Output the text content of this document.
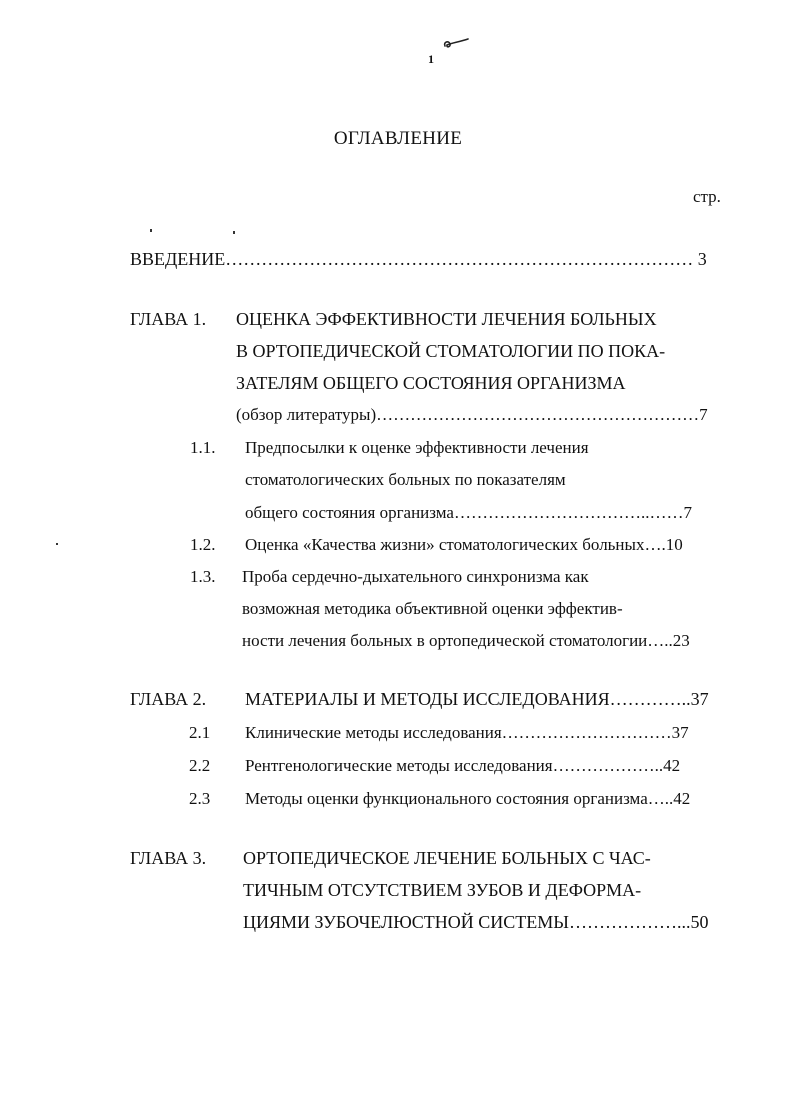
1
ОГЛАВЛЕНИЕ
стр.
ВВЕДЕНИЕ…………………………………………………………………… 3
ГЛАВА 1. ОЦЕНКА ЭФФЕКТИВНОСТИ ЛЕЧЕНИЯ БОЛЬНЫХ
В ОРТОПЕДИЧЕСКОЙ СТОМАТОЛОГИИ ПО ПОКА-
ЗАТЕЛЯМ ОБЩЕГО СОСТОЯНИЯ ОРГАНИЗМА
(обзор литературы)…………………………………………………7
1.1. Предпосылки к оценке эффективности лечения
стоматологических больных по показателям
общего состояния организма……………………………..……7
1.2. Оценка «Качества жизни» стоматологических больных….10
1.3. Проба сердечно-дыхательного синхронизма как
возможная методика объективной оценки эффектив-
ности лечения больных в ортопедической стоматологии…..23
ГЛАВА 2. МАТЕРИАЛЫ И МЕТОДЫ ИССЛЕДОВАНИЯ…………..37
2.1 Клинические методы исследования…………………………37
2.2 Рентгенологические методы исследования………………..42
2.3 Методы оценки функционального состояния организма…..42
ГЛАВА 3. ОРТОПЕДИЧЕСКОЕ ЛЕЧЕНИЕ БОЛЬНЫХ С ЧАС-
ТИЧНЫМ ОТСУТСТВИЕМ ЗУБОВ И ДЕФОРМА-
ЦИЯМИ ЗУБОЧЕЛЮСТНОЙ СИСТЕМЫ………………...50
